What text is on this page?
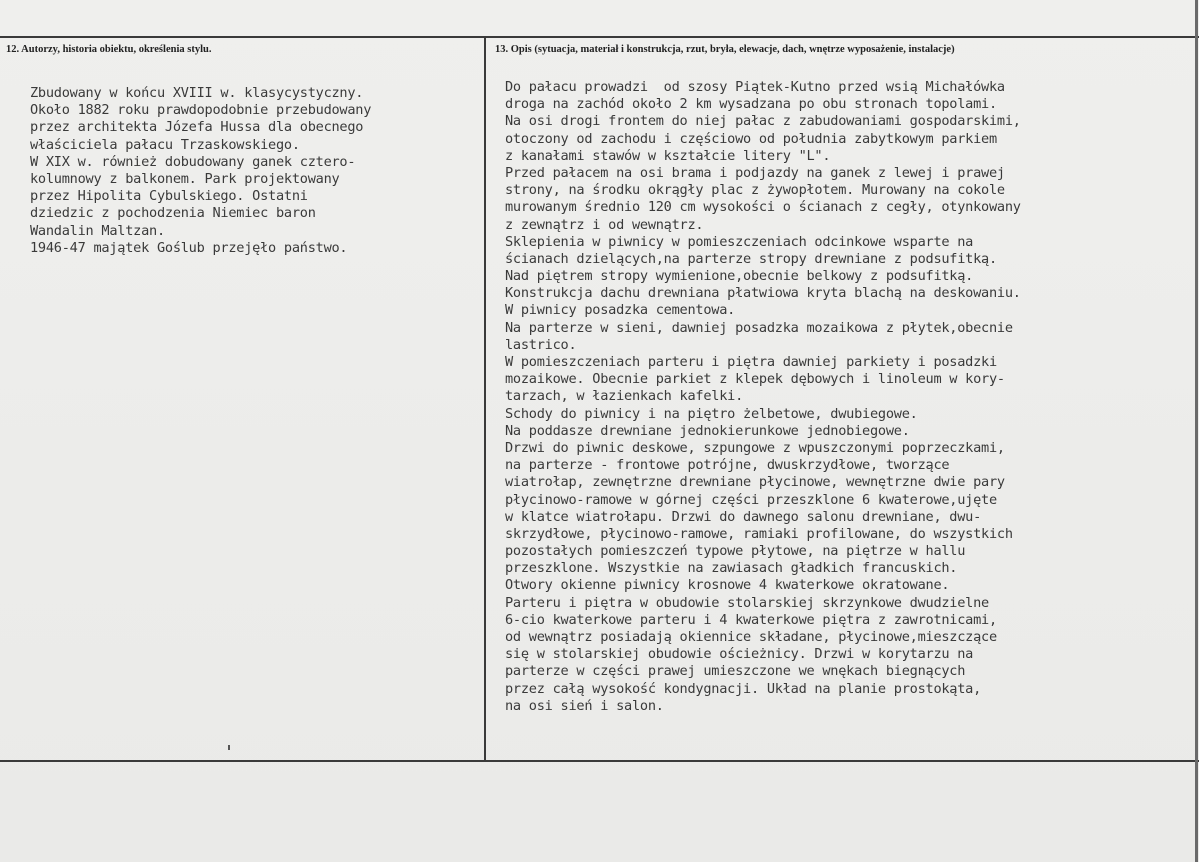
12. Autorzy, historia obiektu, określenia stylu.	13. Opis (sytuacja, materiał i konstrukcja, rzut, bryła, elewacje, dach, wnętrze wyposażenie, instalacje)
Zbudowany w końcu XVIII w. klasycystyczny.
Około 1882 roku prawdopodobnie przebudowany
przez architekta Józefa Hussa dla obecnego
właściciela pałacu Trzaskowskiego.
W XIX w. również dobudowany ganek cztero-
kolumnowy z balkonem. Park projektowany
przez Hipolita Cybulskiego. Ostatni
dziedzic z pochodzenia Niemiec baron
Wandalin Maltzan.
1946-47 majątek Goślub przejęło państwo.
Do pałacu prowadzi  od szosy Piątek-Kutno przed wsią Michałówka
droga na zachód około 2 km wysadzana po obu stronach topolami.
Na osi drogi frontem do niej pałac z zabudowaniami gospodarskimi,
otoczony od zachodu i częściowo od południa zabytkowym parkiem
z kanałami stawów w kształcie litery "L".
Przed pałacem na osi brama i podjazdy na ganek z lewej i prawej
strony, na środku okrągły plac z żywopłotem. Murowany na cokole
murowanym średnio 120 cm wysokości o ścianach z cegły, otynkowany
z zewnątrz i od wewnątrz.
Sklepienia w piwnicy w pomieszczeniach odcinkowe wsparte na
ścianach dzielących,na parterze stropy drewniane z podsufitką.
Nad piętrem stropy wymienione,obecnie belkowy z podsufitką.
Konstrukcja dachu drewniana płatwiowa kryta blachą na deskowaniu.
W piwnicy posadzka cementowa.
Na parterze w sieni, dawniej posadzka mozaikowa z płytek,obecnie
lastrico.
W pomieszczeniach parteru i piętra dawniej parkiety i posadzki
mozaikowe. Obecnie parkiet z klepek dębowych i linoleum w kory-
tarzach, w łazienkach kafelki.
Schody do piwnicy i na piętro żelbetowe, dwubiegowe.
Na poddasze drewniane jednokierunkowe jednobiegowe.
Drzwi do piwnic deskowe, szpungowe z wpuszczonymi poprzeczkami,
na parterze - frontowe potrójne, dwuskrzydłowe, tworzące
wiatrołap, zewnętrzne drewniane płycinowe, wewnętrzne dwie pary
płycinowo-ramowe w górnej części przeszklone 6 kwaterowe,ujęte
w klatce wiatrołapu. Drzwi do dawnego salonu drewniane, dwu-
skrzydłowe, płycinowo-ramowe, ramiaki profilowane, do wszystkich
pozostałych pomieszczeń typowe płytowe, na piętrze w hallu
przeszklone. Wszystkie na zawiasach gładkich francuskich.
Otwory okienne piwnicy krosnowe 4 kwaterkowe okratowane.
Parteru i piętra w obudowie stolarskiej skrzynkowe dwudzielne
6-cio kwaterkowe parteru i 4 kwaterkowe piętra z zawrotnicami,
od wewnątrz posiadają okiennice składane, płycinowe,mieszczące
się w stolarskiej obudowie ościeżnicy. Drzwi w korytarzu na
parterze w części prawej umieszczone we wnękach biegnących
przez całą wysokość kondygnacji. Układ na planie prostokąta,
na osi sień i salon.
